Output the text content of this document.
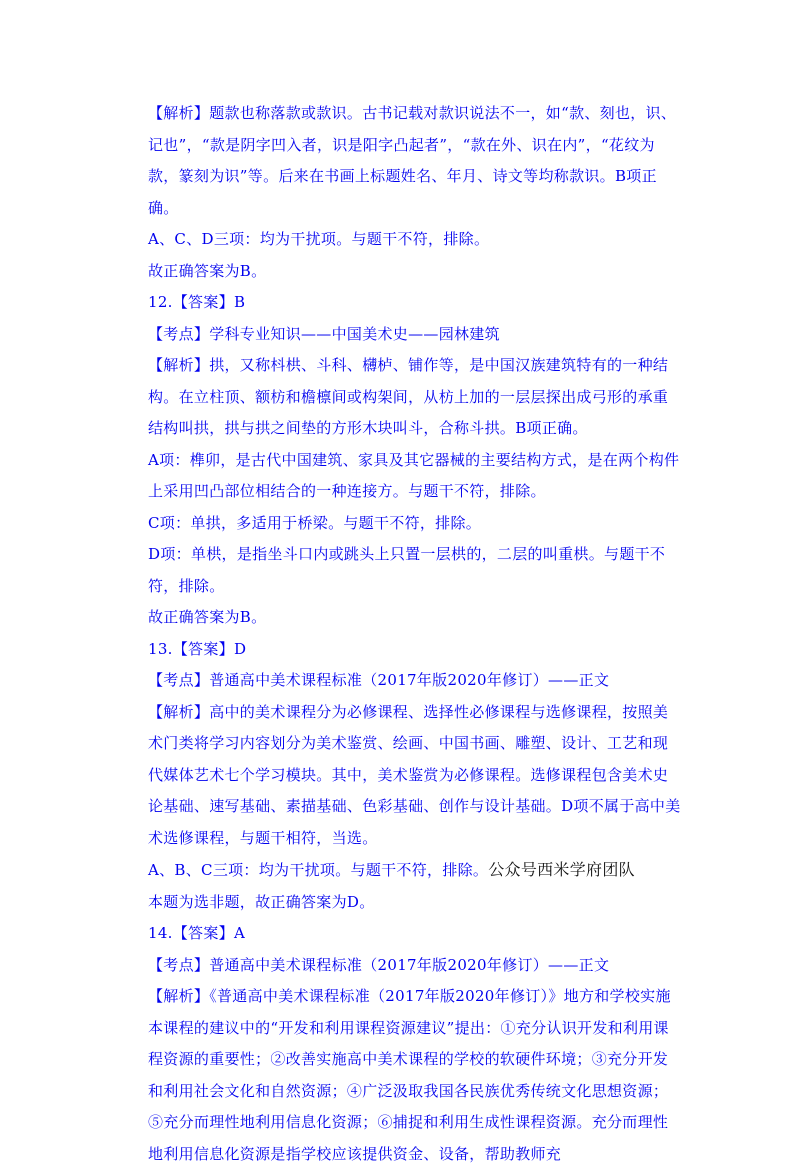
【解析】题款也称落款或款识。古书记载对款识说法不一，如“款、刻也，识、记也”，“款是阴字凹入者，识是阳字凸起者”，“款在外、识在内”，“花纹为款，篆刻为识”等。后来在书画上标题姓名、年月、诗文等均称款识。B项正确。

A、C、D三项：均为干扰项。与题干不符，排除。

故正确答案为B。

12.【答案】B

【考点】学科专业知识——中国美术史——园林建筑

【解析】拱，又称枓栱、斗科、欂栌、铺作等，是中国汉族建筑特有的一种结构。在立柱顶、额枋和檐檩间或构架间，从枋上加的一层层探出成弓形的承重结构叫拱，拱与拱之间垫的方形木块叫斗，合称斗拱。B项正确。

A项：榫卯，是古代中国建筑、家具及其它器械的主要结构方式，是在两个构件上采用凹凸部位相结合的一种连接方。与题干不符，排除。

C项：单拱，多适用于桥梁。与题干不符，排除。

D项：单栱，是指坐斗口内或跳头上只置一层栱的，二层的叫重栱。与题干不符，排除。

故正确答案为B。

13.【答案】D

【考点】普通高中美术课程标准（2017年版2020年修订）——正文

【解析】高中的美术课程分为必修课程、选择性必修课程与选修课程，按照美术门类将学习内容划分为美术鉴赏、绘画、中国书画、雕塑、设计、工艺和现代媒体艺术七个学习模块。其中，美术鉴赏为必修课程。选修课程包含美术史论基础、速写基础、素描基础、色彩基础、创作与设计基础。D项不属于高中美术选修课程，与题干相符，当选。

A、B、C三项：均为干扰项。与题干不符，排除。公众号西米学府团队

本题为选非题，故正确答案为D。

14.【答案】A

【考点】普通高中美术课程标准（2017年版2020年修订）——正文

【解析】《普通高中美术课程标准（2017年版2020年修订）》地方和学校实施本课程的建议中的“开发和利用课程资源建议”提出：①充分认识开发和利用课程资源的重要性；②改善实施高中美术课程的学校的软硬件环境；③充分开发和利用社会文化和自然资源；④广泛汲取我国各民族优秀传统文化思想资源；⑤充分而理性地利用信息化资源；⑥捕捉和利用生成性课程资源。充分而理性地利用信息化资源是指学校应该提供资金、设备，帮助教师充
